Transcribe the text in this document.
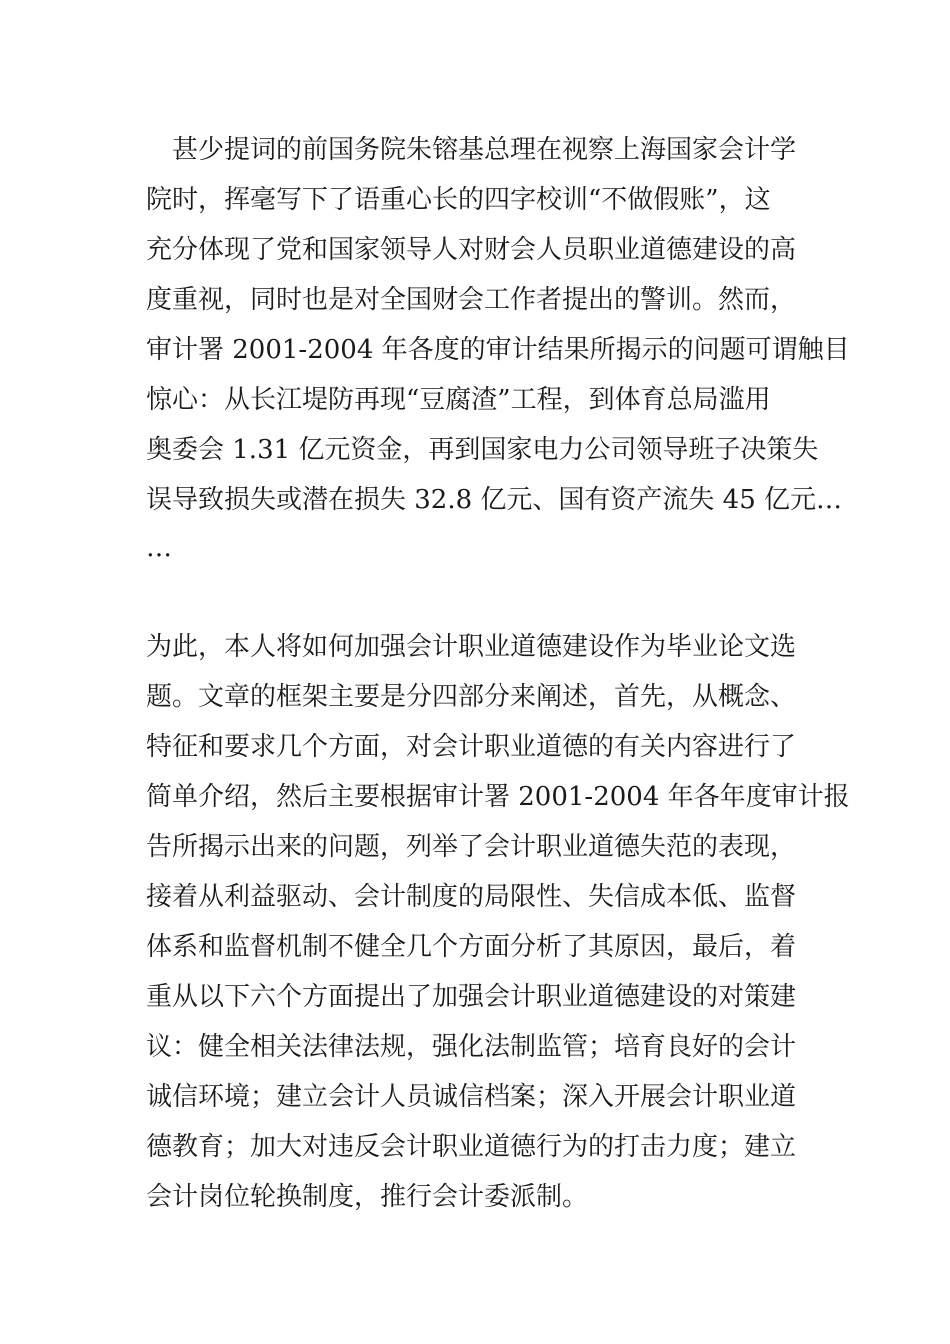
甚少提词的前国务院朱镕基总理在视察上海国家会计学

院时，挥毫写下了语重心长的四字校训“不做假账”，这

充分体现了党和国家领导人对财会人员职业道德建设的高

度重视，同时也是对全国财会工作者提出的警训。然而，

审计署 2001-2004 年各度的审计结果所揭示的问题可谓触目

惊心：从长江堤防再现“豆腐渣”工程，到体育总局滥用

奥委会 1.31 亿元资金，再到国家电力公司领导班子决策失

误导致损失或潜在损失 32.8 亿元、国有资产流失 45 亿元…

…

为此，本人将如何加强会计职业道德建设作为毕业论文选

题。文章的框架主要是分四部分来阐述，首先，从概念、

特征和要求几个方面，对会计职业道德的有关内容进行了

简单介绍，然后主要根据审计署 2001-2004 年各年度审计报

告所揭示出来的问题，列举了会计职业道德失范的表现，

接着从利益驱动、会计制度的局限性、失信成本低、监督

体系和监督机制不健全几个方面分析了其原因，最后，着

重从以下六个方面提出了加强会计职业道德建设的对策建

议：健全相关法律法规，强化法制监管；培育良好的会计

诚信环境；建立会计人员诚信档案；深入开展会计职业道

德教育；加大对违反会计职业道德行为的打击力度；建立

会计岗位轮换制度，推行会计委派制。
